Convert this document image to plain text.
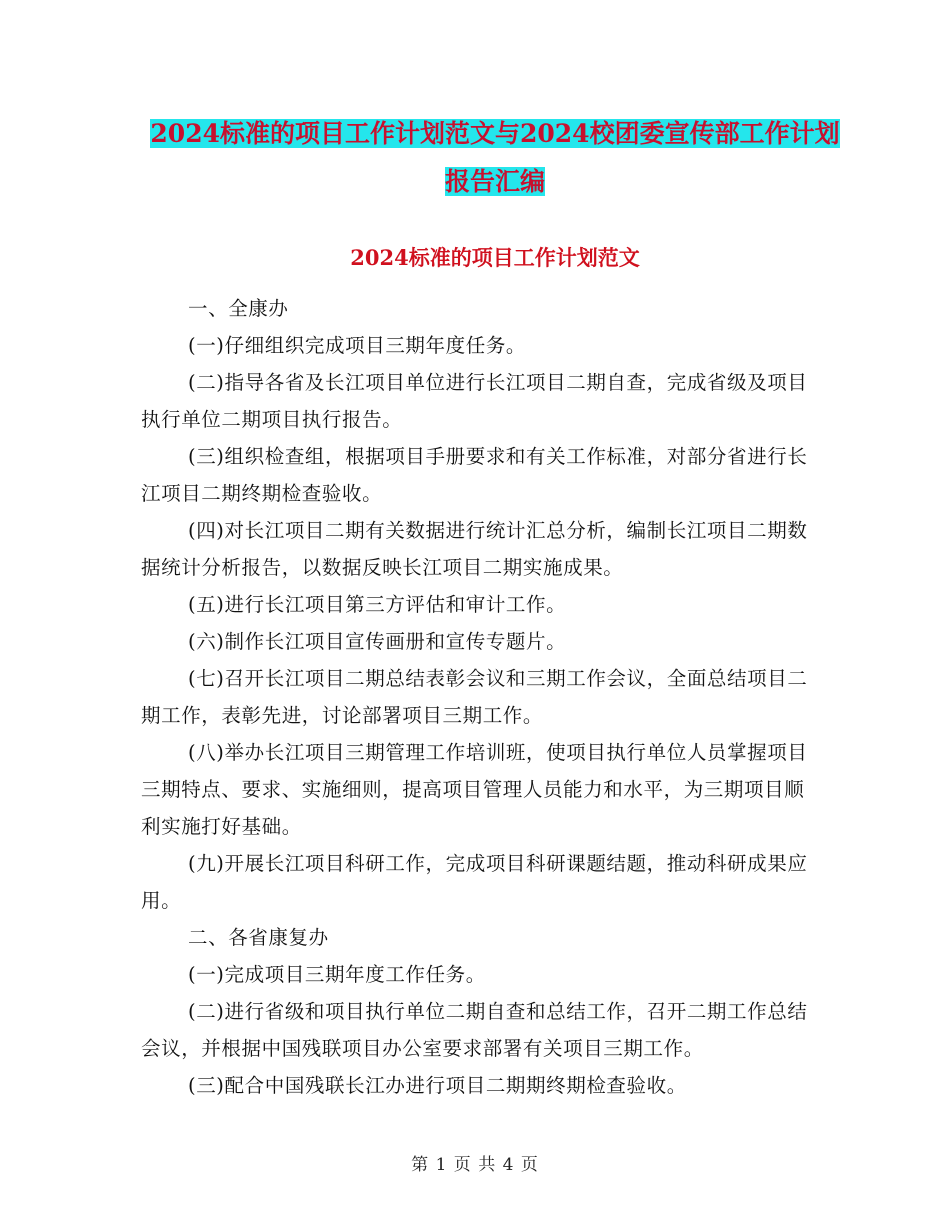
2024标准的项目工作计划范文与2024校团委宣传部工作计划报告汇编
2024标准的项目工作计划范文

一、全康办

(一)仔细组织完成项目三期年度任务。

(二)指导各省及长江项目单位进行长江项目二期自查，完成省级及项目执行单位二期项目执行报告。

(三)组织检查组，根据项目手册要求和有关工作标准，对部分省进行长江项目二期终期检查验收。

(四)对长江项目二期有关数据进行统计汇总分析，编制长江项目二期数据统计分析报告，以数据反映长江项目二期实施成果。

(五)进行长江项目第三方评估和审计工作。

(六)制作长江项目宣传画册和宣传专题片。

(七)召开长江项目二期总结表彰会议和三期工作会议，全面总结项目二期工作，表彰先进，讨论部署项目三期工作。

(八)举办长江项目三期管理工作培训班，使项目执行单位人员掌握项目三期特点、要求、实施细则，提高项目管理人员能力和水平，为三期项目顺利实施打好基础。

(九)开展长江项目科研工作，完成项目科研课题结题，推动科研成果应用。

二、各省康复办

(一)完成项目三期年度工作任务。

(二)进行省级和项目执行单位二期自查和总结工作，召开二期工作总结会议，并根据中国残联项目办公室要求部署有关项目三期工作。

(三)配合中国残联长江办进行项目二期期终期检查验收。

第 1 页 共 4 页
